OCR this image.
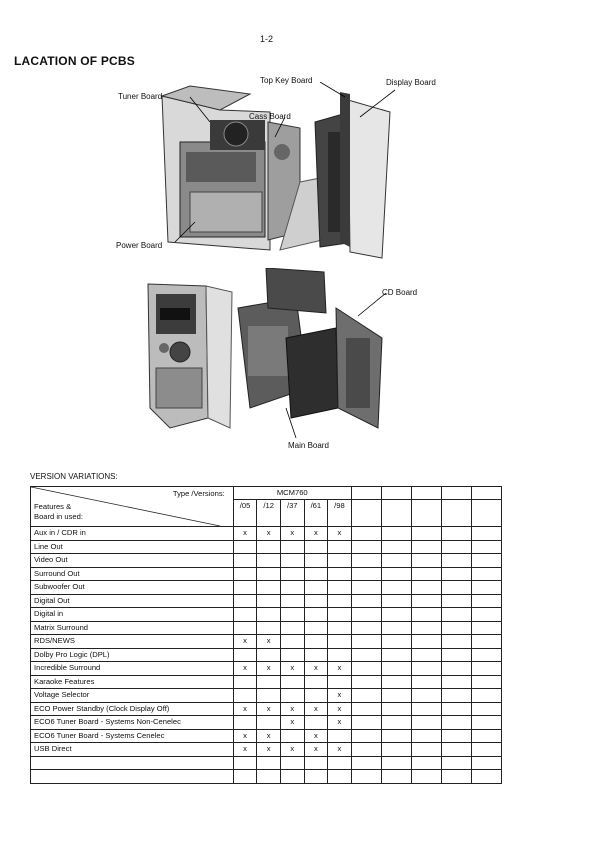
1-2
LACATION OF PCBS
Top Key Board	Display Board
Tuner Board
Cass Board
Power Board
CD Board
Main Board
VERSION VARIATIONS:
Type /Versions:
Features &
Board in used:	MCM760									
	/05	/12	/37	/61	/98					
Aux in / CDR in	x	x	x	x	x					
Line Out										
Video Out										
Surround Out										
Subwoofer Out										
Digital Out										
Digital in										
Matrix Surround										
RDS/NEWS	x	x								
Dolby Pro Logic (DPL)										
Incredible Surround	x	x	x	x	x					
Karaoke Features										
Voltage Selector					x					
ECO Power Standby (Clock Display Off)	x	x	x	x	x					
ECO6 Tuner Board - Systems Non-Cenelec			x		x					
ECO6 Tuner Board - Systems Cenelec	x	x		x						
USB Direct	x	x	x	x	x					
